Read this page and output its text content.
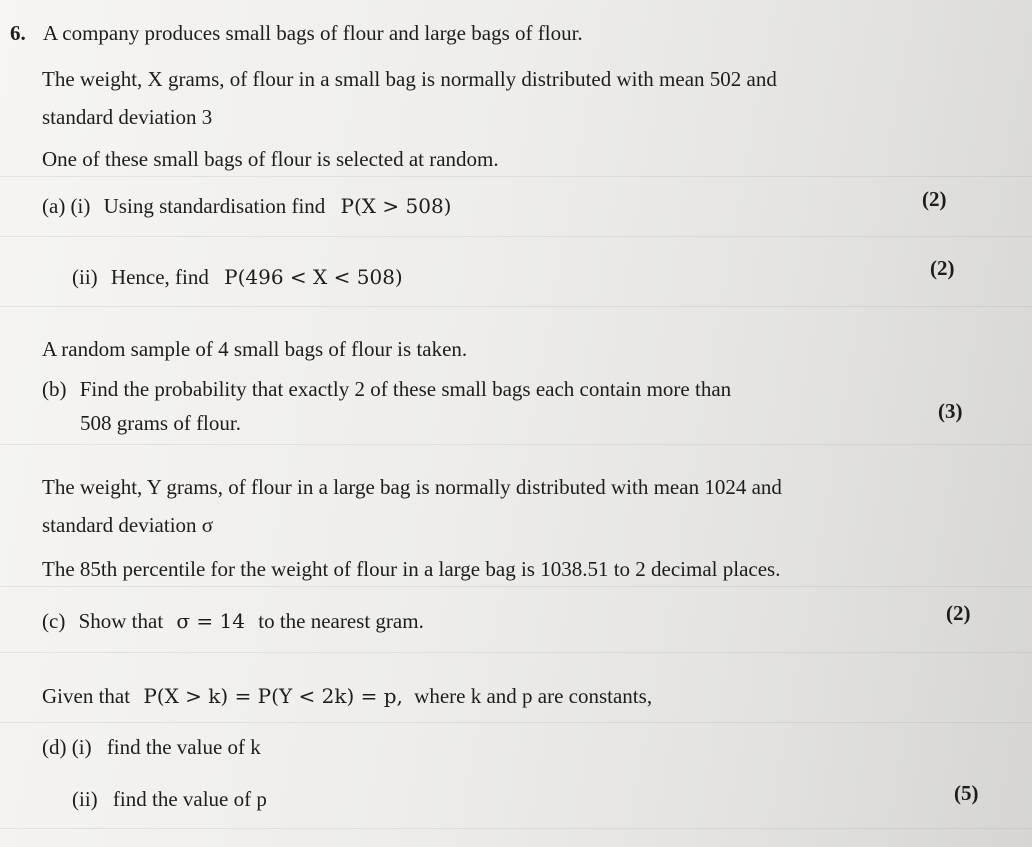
6. A company produces small bags of flour and large bags of flour.
The weight, X grams, of flour in a small bag is normally distributed with mean 502 and
standard deviation 3
One of these small bags of flour is selected at random.
(a) (i) Using standardisation find P(X > 508)	(2)
(ii) Hence, find P(496 < X < 508)	(2)
A random sample of 4 small bags of flour is taken.
(b) Find the probability that exactly 2 of these small bags each contain more than
508 grams of flour.	(3)
The weight, Y grams, of flour in a large bag is normally distributed with mean 1024 and
standard deviation σ
The 85th percentile for the weight of flour in a large bag is 1038.51 to 2 decimal places.
(c) Show that σ = 14 to the nearest gram.	(2)
Given that P(X > k) = P(Y < 2k) = p, where k and p are constants,
(d) (i) find the value of k
(ii) find the value of p	(5)
